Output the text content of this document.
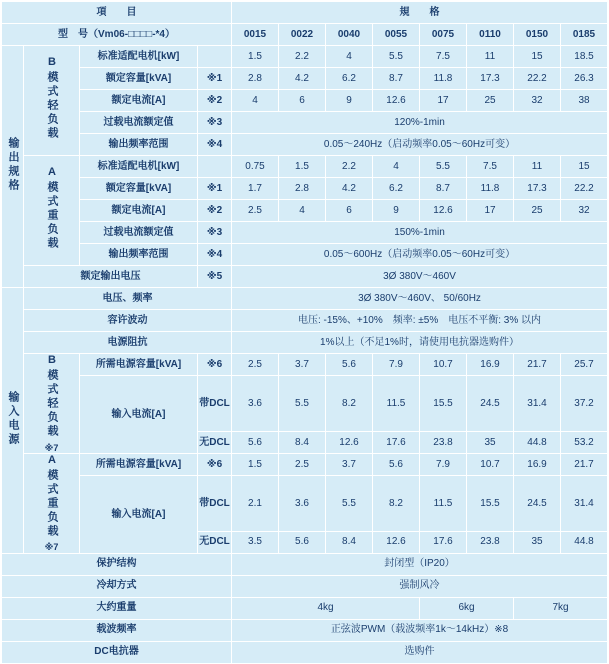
項　　目				規　　格							
型　号（Vm06-□□□□-*4）				0015	0022	0040	0055	0075	0110	0150	0185
输出规格	B模式轻负载	标准适配电机[kW]		1.5	2.2	4	5.5	7.5	11	15	18.5
		额定容量[kVA]	※1	2.8	4.2	6.2	8.7	11.8	17.3	22.2	26.3
		额定电流[A]	※2	4	6	9	12.6	17	25	32	38
		过载电流额定值	※3	120%-1min							
		输出频率范围	※4	0.05～240Hz（启动频率0.05～60Hz可变）							
	A模式重负载	标准适配电机[kW]		0.75	1.5	2.2	4	5.5	7.5	11	15
		额定容量[kVA]	※1	1.7	2.8	4.2	6.2	8.7	11.8	17.3	22.2
		额定电流[A]	※2	2.5	4	6	9	12.6	17	25	32
		过载电流额定值	※3	150%-1min							
		输出频率范围	※4	0.05～600Hz（启动频率0.05～60Hz可变）							
	额定输出电压		※5	3Ø 380V～460V							
输入电源	电压、频率			3Ø 380V～460V、 50/60Hz							
	容许波动			电压: -15%、+10%　频率: ±5%　电压不平衡: 3% 以内							
	电源阻抗			1%以上（不足1%时，请使用电抗器选购件）							
	B模式轻负载
※7	所需电源容量[kVA]	※6	2.5	3.7	5.6	7.9	10.7	16.9	21.7	25.7
		输入电流[A]	带DCL	3.6	5.5	8.2	11.5	15.5	24.5	31.4	37.2
			无DCL	5.6	8.4	12.6	17.6	23.8	35	44.8	53.2
	A模式重负载
※7	所需电源容量[kVA]	※6	1.5	2.5	3.7	5.6	7.9	10.7	16.9	21.7
		输入电流[A]	带DCL	2.1	3.6	5.5	8.2	11.5	15.5	24.5	31.4
			无DCL	3.5	5.6	8.4	12.6	17.6	23.8	35	44.8
保护结构				封闭型（IP20）							
冷却方式				强制风冷							
大约重量				4kg				6kg		7kg	
载波频率				正弦波PWM（载波频率1k～14kHz）※8							
DC电抗器				选购件							
